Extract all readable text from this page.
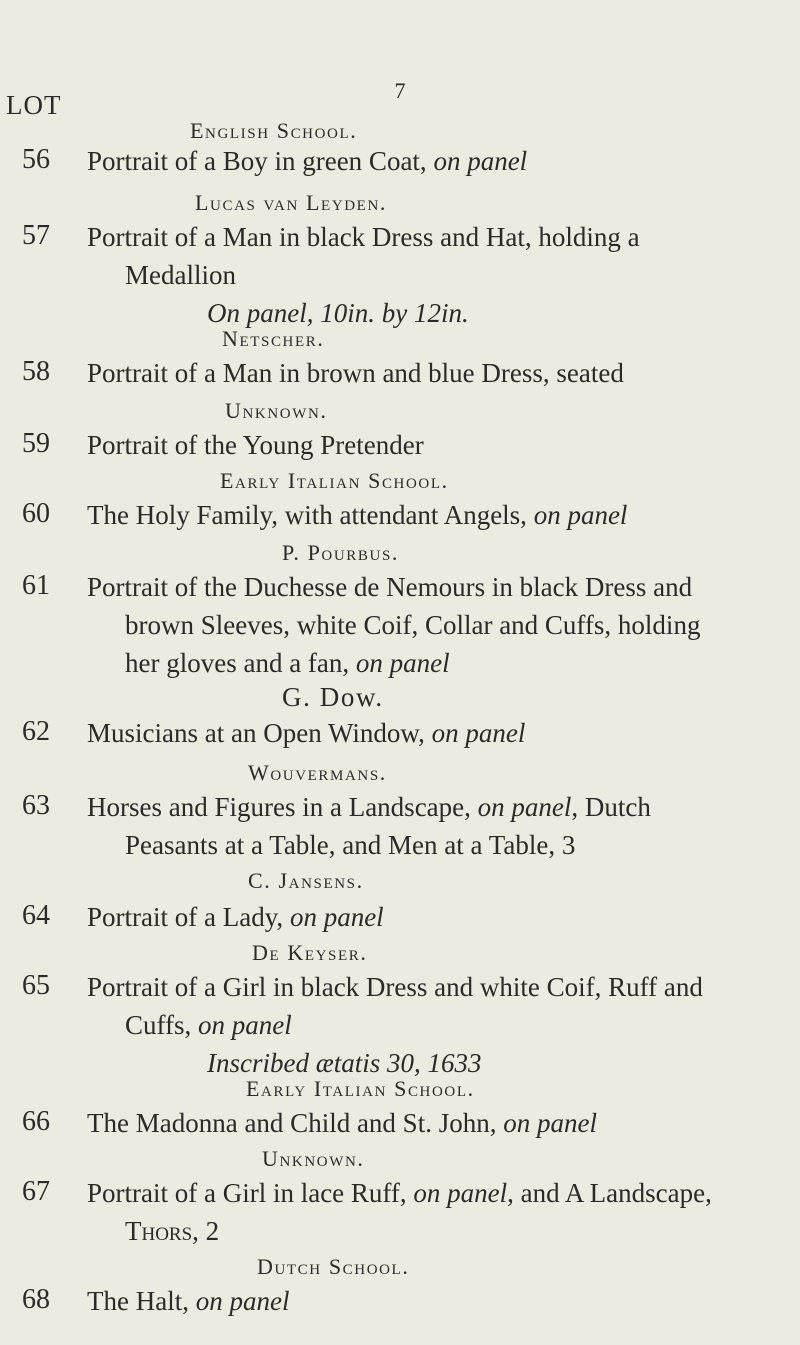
7
LOT
English School.
56 Portrait of a Boy in green Coat, on panel

Lucas van Leyden.
57 Portrait of a Man in black Dress and Hat, holding a
Medallion
On panel, 10in. by 12in.

Netscher.
58 Portrait of a Man in brown and blue Dress, seated

Unknown.
59 Portrait of the Young Pretender

Early Italian School.
60 The Holy Family, with attendant Angels, on panel

P. Pourbus.
61 Portrait of the Duchesse de Nemours in black Dress and
brown Sleeves, white Coif, Collar and Cuffs, holding
her gloves and a fan, on panel

G. Dow.
62 Musicians at an Open Window, on panel

Wouvermans.
63 Horses and Figures in a Landscape, on panel, Dutch
Peasants at a Table, and Men at a Table, 3

C. Jansens.
64 Portrait of a Lady, on panel

De Keyser.
65 Portrait of a Girl in black Dress and white Coif, Ruff and
Cuffs, on panel
Inscribed ætatis 30, 1633

Early Italian School.
66 The Madonna and Child and St. John, on panel

Unknown.
67 Portrait of a Girl in lace Ruff, on panel, and A Landscape,
Thors, 2

Dutch School.
68 The Halt, on panel
